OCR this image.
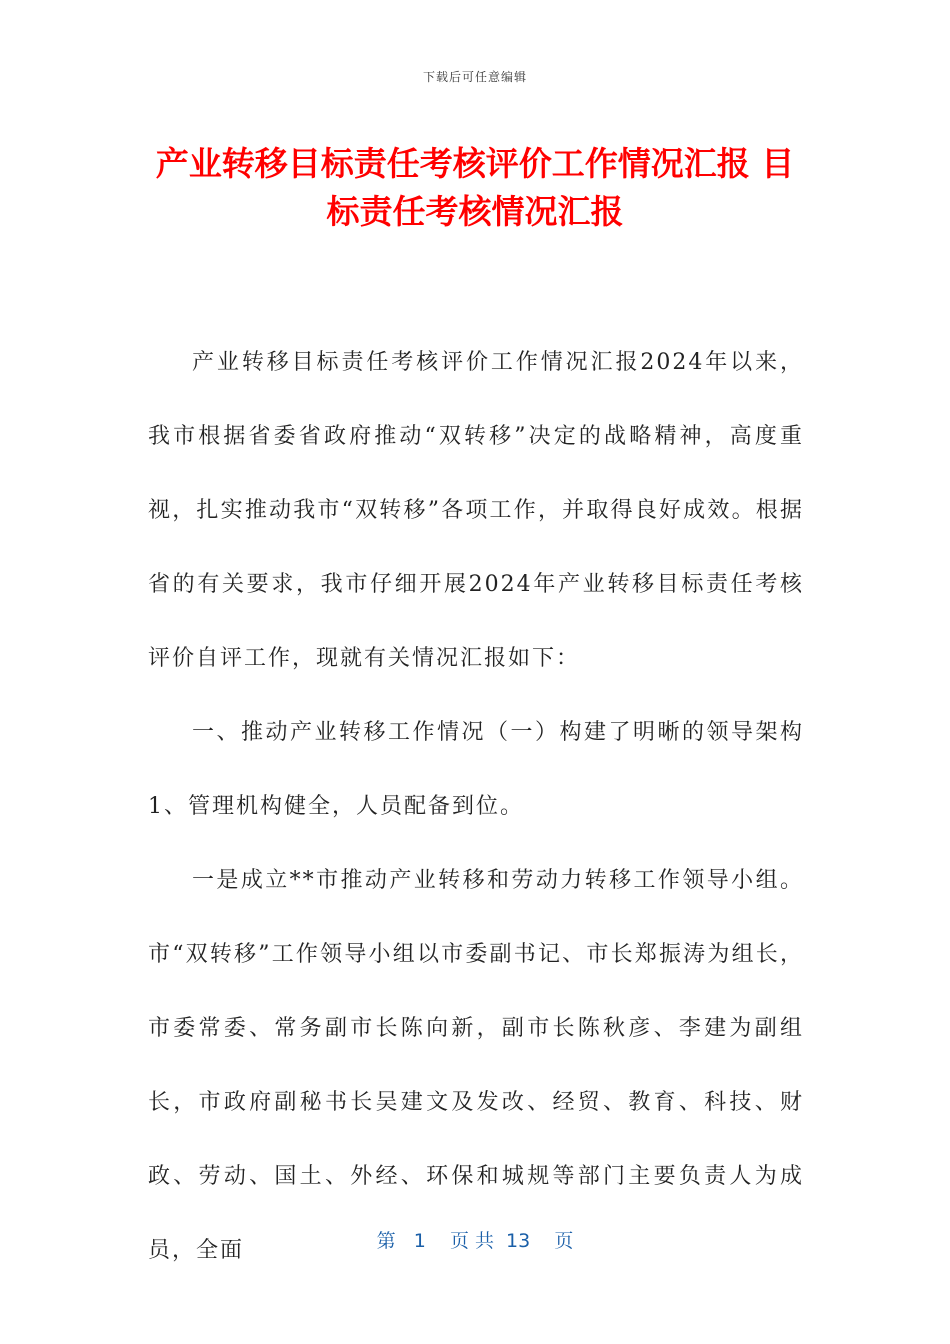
下载后可任意编辑
产业转移目标责任考核评价工作情况汇报 目标责任考核情况汇报

产业转移目标责任考核评价工作情况汇报2024年以来，我市根据省委省政府推动“双转移”决定的战略精神，高度重视，扎实推动我市“双转移”各项工作，并取得良好成效。根据省的有关要求，我市仔细开展2024年产业转移目标责任考核评价自评工作，现就有关情况汇报如下：

一、推动产业转移工作情况（一）构建了明晰的领导架构1、管理机构健全，人员配备到位。

一是成立**市推动产业转移和劳动力转移工作领导小组。市“双转移”工作领导小组以市委副书记、市长郑振涛为组长，市委常委、常务副市长陈向新，副市长陈秋彦、李建为副组长，市政府副秘书长吴建文及发改、经贸、教育、科技、财政、劳动、国土、外经、环保和城规等部门主要负责人为成员，全面	第   1    页 共  13    页
